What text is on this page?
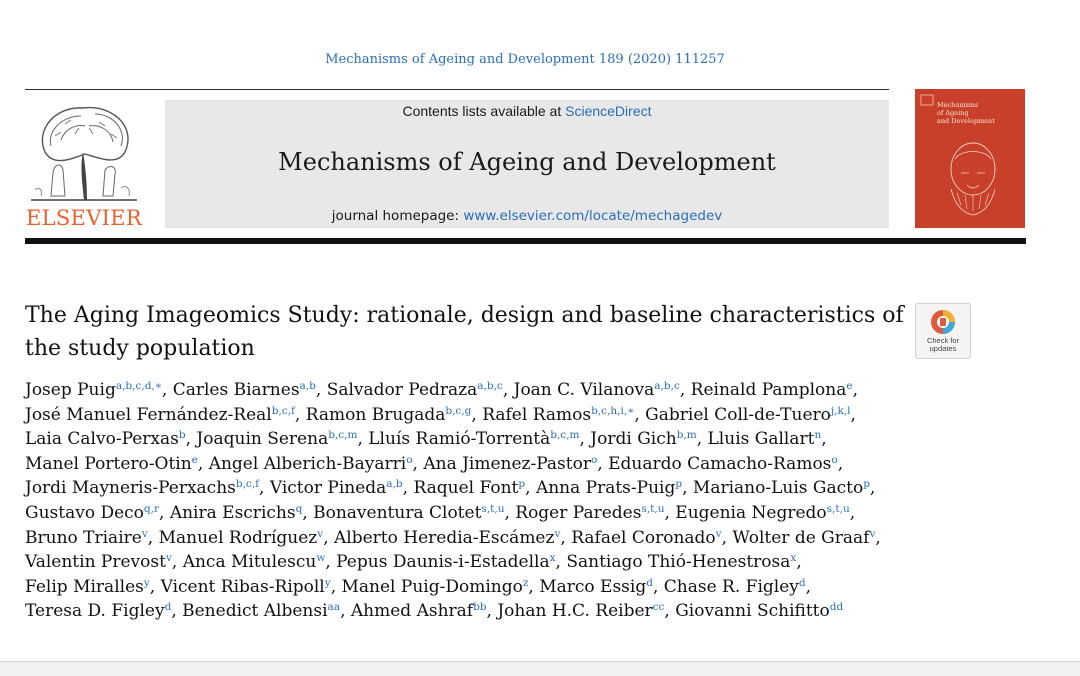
Mechanisms of Ageing and Development 189 (2020) 111257
ELSEVIER
Contents lists available at ScienceDirect
Mechanisms of Ageing and Development
journal homepage: www.elsevier.com/locate/mechagedev
Mechanisms
of Ageing
and Development
The Aging Imageomics Study: rationale, design and baseline characteristics of the study population	Check for updates
Josep Puig$^{a,b,c,d,∗}$, Carles Biarnes$^{a,b}$, Salvador Pedraza$^{a,b,c}$, Joan C. Vilanova$^{a,b,c}$, Reinald Pamplona$^e$, José Manuel Fernández-Real$^{b,c,f}$, Ramon Brugada$^{b,c,g}$, Rafel Ramos$^{b,c,h,i,∗}$, Gabriel Coll-de-Tuero$^{j,k,l}$, Laia Calvo-Perxas$^b$, Joaquin Serena$^{b,c,m}$, Lluís Ramió-Torrentà$^{b,c,m}$, Jordi Gich$^{b,m}$, Lluis Gallart$^n$, Manel Portero-Otin$^e$, Angel Alberich-Bayarri$^o$, Ana Jimenez-Pastor$^o$, Eduardo Camacho-Ramos$^o$, Jordi Mayneris-Perxachs$^{b,c,f}$, Victor Pineda$^{a,b}$, Raquel Font$^p$, Anna Prats-Puig$^p$, Mariano-Luis Gacto$^p$, Gustavo Deco$^{q,r}$, Anira Escrichs$^q$, Bonaventura Clotet$^{s,t,u}$, Roger Paredes$^{s,t,u}$, Eugenia Negredo$^{s,t,u}$, Bruno Triaire$^v$, Manuel Rodríguez$^v$, Alberto Heredia-Escámez$^v$, Rafael Coronado$^v$, Wolter de Graaf$^v$, Valentin Prevost$^v$, Anca Mitulescu$^w$, Pepus Daunis-i-Estadella$^x$, Santiago Thió-Henestrosa$^x$, Felip Miralles$^y$, Vicent Ribas-Ripoll$^y$, Manel Puig-Domingo$^z$, Marco Essig$^d$, Chase R. Figley$^d$, Teresa D. Figley$^d$, Benedict Albensi$^{aa}$, Ahmed Ashraf$^{bb}$, Johan H.C. Reiber$^{cc}$, Giovanni Schifitto$^{dd}$
